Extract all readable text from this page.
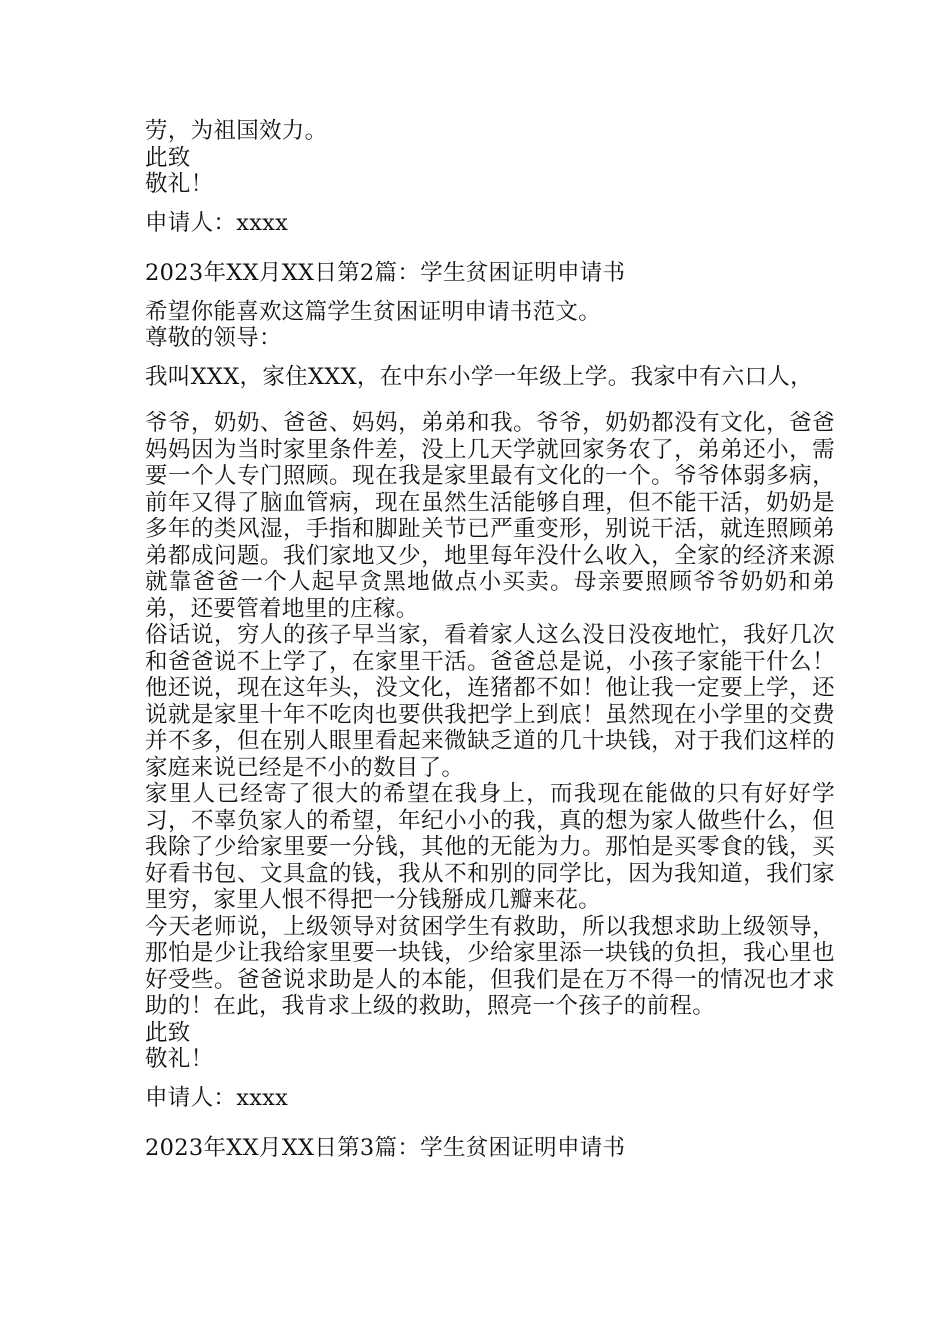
劳，为祖国效力。
此致
敬礼！
申请人：xxxx
2023年XX月XX日第2篇：学生贫困证明申请书
希望你能喜欢这篇学生贫困证明申请书范文。
尊敬的领导：
我叫XXX，家住XXX，在中东小学一年级上学。我家中有六口人，
爷爷，奶奶、爸爸、妈妈，弟弟和我。爷爷，奶奶都没有文化，爸爸妈妈因为当时家里条件差，没上几天学就回家务农了，弟弟还小，需要一个人专门照顾。现在我是家里最有文化的一个。爷爷体弱多病，前年又得了脑血管病，现在虽然生活能够自理，但不能干活，奶奶是多年的类风湿，手指和脚趾关节已严重变形，别说干活，就连照顾弟弟都成问题。我们家地又少，地里每年没什么收入，全家的经济来源就靠爸爸一个人起早贪黑地做点小买卖。母亲要照顾爷爷奶奶和弟弟，还要管着地里的庄稼。
俗话说，穷人的孩子早当家，看着家人这么没日没夜地忙，我好几次和爸爸说不上学了，在家里干活。爸爸总是说，小孩子家能干什么！他还说，现在这年头，没文化，连猪都不如！他让我一定要上学，还说就是家里十年不吃肉也要供我把学上到底！虽然现在小学里的交费并不多，但在别人眼里看起来微缺乏道的几十块钱，对于我们这样的家庭来说已经是不小的数目了。
家里人已经寄了很大的希望在我身上，而我现在能做的只有好好学习，不辜负家人的希望，年纪小小的我，真的想为家人做些什么，但我除了少给家里要一分钱，其他的无能为力。那怕是买零食的钱，买好看书包、文具盒的钱，我从不和别的同学比，因为我知道，我们家里穷，家里人恨不得把一分钱掰成几瓣来花。
今天老师说，上级领导对贫困学生有救助，所以我想求助上级领导，那怕是少让我给家里要一块钱，少给家里添一块钱的负担，我心里也好受些。爸爸说求助是人的本能，但我们是在万不得一的情况也才求助的！在此，我肯求上级的救助，照亮一个孩子的前程。
此致
敬礼！
申请人：xxxx
2023年XX月XX日第3篇：学生贫困证明申请书
